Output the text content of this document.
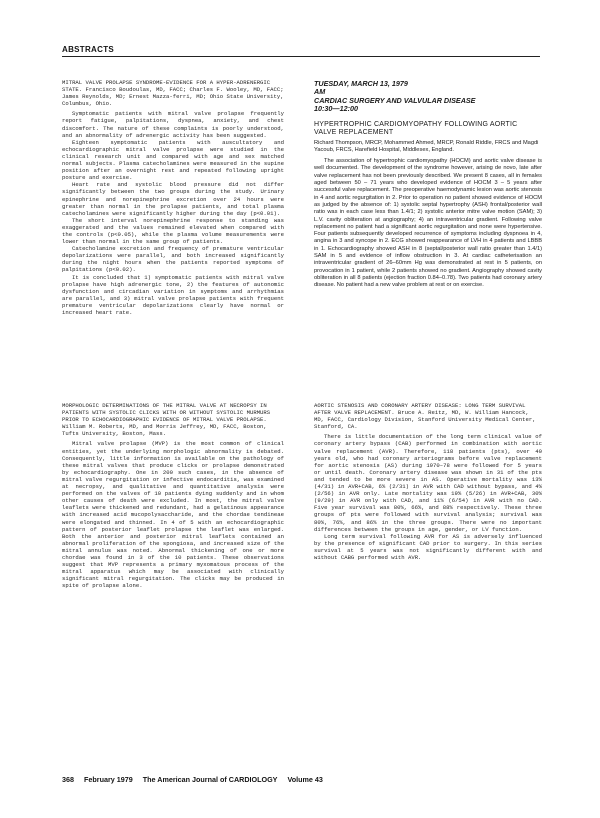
ABSTRACTS

MITRAL VALVE PROLAPSE SYNDROME-EVIDENCE FOR A HYPER-ADRENERGIC STATE. Francisco Boudoulas, MD, FACC; Charles F. Wooley, MD, FACC; James Reynolds, MD; Ernest Mazza-ferri, MD; Ohio State University, Columbus, Ohio.

Symptomatic patients with mitral valve prolapse frequently report fatigue, palpitations, dyspnea, anxiety, and chest discomfort. The nature of these complaints is poorly understood, and an abnormality of adrenergic activity has been suggested.

Eighteen symptomatic patients with auscultatory and echocardiographic mitral valve prolapse were studied in the clinical research unit and compared with age and sex matched normal subjects. Plasma catecholamines were measured in the supine position after an overnight rest and repeated following upright posture and exercise.

Heart rate and systolic blood pressure did not differ significantly between the two groups during the study. Urinary epinephrine and norepinephrine excretion over 24 hours were greater than normal in the prolapse patients, and total plasma catecholamines were significantly higher during the day (p<0.01).

The short interval norepinephrine response to standing was exaggerated and the values remained elevated when compared with the controls (p<0.05), while the plasma volume measurements were lower than normal in the same group of patients.

Catecholamine excretion and frequency of premature ventricular depolarizations were parallel, and both increased significantly during the night hours when the patients reported symptoms of palpitations (p<0.02).

It is concluded that 1) symptomatic patients with mitral valve prolapse have high adrenergic tone, 2) the features of autonomic dysfunction and circadian variation in symptoms and arrhythmias are parallel, and 3) mitral valve prolapse patients with frequent premature ventricular depolarizations clearly have normal or increased heart rate.

TUESDAY, MARCH 13, 1979

AM

CARDIAC SURGERY AND VALVULAR DISEASE

10:30—12:00

HYPERTROPHIC CARDIOMYOPATHY FOLLOWING AORTIC VALVE REPLACEMENT

Richard Thompson, MRCP, Mohammed Ahmed, MRCP, Ronald Riddle, FRCS and Magdi Yacoub, FRCS, Harefield Hospital, Middlesex, England.

The association of hypertrophic cardiomyopathy (HOCM) and aortic valve disease is well documented. The development of the syndrome however, arising de novo, late after valve replacement has not been previously described. We present 8 cases, all in females aged between 50 – 71 years who developed evidence of HOCM 3 – 5 years after successful valve replacement. The preoperative haemodynamic lesion was aortic stenosis in 4 and aortic regurgitation in 2. Prior to operation no patient showed evidence of HOCM as judged by the absence of: 1) systolic septal hypertrophy (ASH) frontal/posterior wall ratio was in each case less than 1.4/1; 2) systolic anterior mitre valve motion (SAM); 3) L.V. cavity obliteration at angiography; 4) an intraventricular gradient. Following valve replacement no patient had a significant aortic regurgitation and none were hypertensive. Four patients subsequently developed recurrence of symptoms including dyspnoea in 4, angina in 3 and syncope in 2. ECG showed reappearance of LVH in 4 patients and LBBB in 1. Echocardiography showed ASH in 8 (septal/posterior wall ratio greater than 1.4/1) SAM in 5 and evidence of inflow obstruction in 3. At cardiac catheterisation an intraventricular gradient of 26–60mm Hg was demonstrated at rest in 5 patients, on provocation in 1 patient, while 2 patients showed no gradient. Angiography showed cavity obliteration in all 8 patients (ejection fraction 0.84–0.78). Two patients had coronary artery disease. No patient had a new valve problem at rest or on exercise.

MORPHOLOGIC DETERMINATIONS OF THE MITRAL VALVE AT NECROPSY IN PATIENTS WITH SYSTOLIC CLICKS WITH OR WITHOUT SYSTOLIC MURMURS PRIOR TO ECHOCARDIOGRAPHIC EVIDENCE OF MITRAL VALVE PROLAPSE. William M. Roberts, MD, and Morris Jeffrey, MD, FACC, Boston, Tufts University, Boston, Mass.

Mitral valve prolapse (MVP) is the most common of clinical entities, yet the underlying morphologic abnormality is debated. Consequently, little information is available on the pathology of these mitral valves that produce clicks or prolapse demonstrated by echocardiography. One in 200 such cases, in the absence of mitral valve regurgitation or infective endocarditis, was examined at necropsy, and qualitative and quantitative analysis were performed on the valves of 10 patients dying suddenly and in whom other causes of death were excluded. In most, the mitral valve leaflets were thickened and redundant, had a gelatinous appearance with increased acid mucopolysaccharide, and the chordae tendineae were elongated and thinned. In 4 of 5 with an echocardiographic pattern of posterior leaflet prolapse the leaflet was enlarged. Both the anterior and posterior mitral leaflets contained an abnormal proliferation of the spongiosa, and increased size of the mitral annulus was noted. Abnormal thickening of one or more chordae was found in 3 of the 10 patients. These observations suggest that MVP represents a primary myxomatous process of the mitral apparatus which may be associated with clinically significant mitral regurgitation. The clicks may be produced in spite of prolapse alone.

AORTIC STENOSIS AND CORONARY ARTERY DISEASE: LONG TERM SURVIVAL AFTER VALVE REPLACEMENT. Bruce A. Reitz, MD, W. William Hancock, MD, FACC, Cardiology Division, Stanford University Medical Center, Stanford, CA.

There is little documentation of the long term clinical value of coronary artery bypass (CAB) performed in combination with aortic valve replacement (AVR). Therefore, 118 patients (pts), over 40 years old, who had coronary arteriograms before valve replacement for aortic stenosis (AS) during 1970–78 were followed for 5 years or until death. Coronary artery disease was shown in 31 of the pts and tended to be more severe in AS. Operative mortality was 13% (4/31) in AVR+CAB, 6% (2/31) in AVR with CAD without bypass, and 4% (2/56) in AVR only. Late mortality was 19% (5/26) in AVR+CAB, 30% (9/29) in AVR only with CAD, and 11% (6/54) in AVR with no CAD. Five year survival was 80%, 66%, and 88% respectively. These three groups of pts were followed with survival analysis; survival was 80%, 76%, and 86% in the three groups. There were no important differences between the groups in age, gender, or LV function.

Long term survival following AVR for AS is adversely influenced by the presence of significant CAD prior to surgery. In this series survival at 5 years was not significantly different with and without CABG performed with AVR.

368 February 1979 The American Journal of CARDIOLOGY Volume 43
